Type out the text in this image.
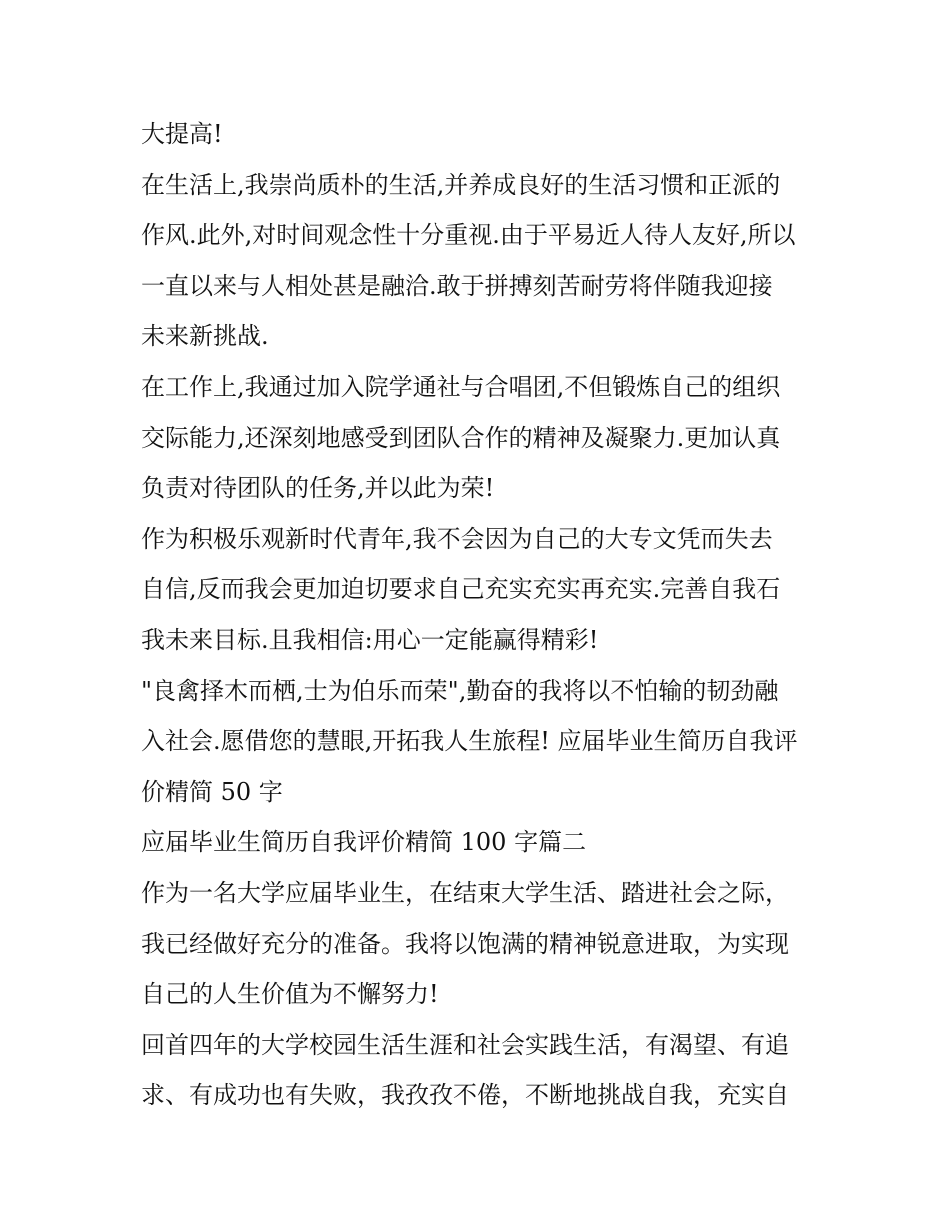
大提高!
在生活上,我崇尚质朴的生活,并养成良好的生活习惯和正派的
作风.此外,对时间观念性十分重视.由于平易近人待人友好,所以
一直以来与人相处甚是融洽.敢于拼搏刻苦耐劳将伴随我迎接
未来新挑战.
在工作上,我通过加入院学通社与合唱团,不但锻炼自己的组织
交际能力,还深刻地感受到团队合作的精神及凝聚力.更加认真
负责对待团队的任务,并以此为荣!
作为积极乐观新时代青年,我不会因为自己的大专文凭而失去
自信,反而我会更加迫切要求自己充实充实再充实.完善自我石
我未来目标.且我相信:用心一定能赢得精彩!
"良禽择木而栖,士为伯乐而荣",勤奋的我将以不怕输的韧劲融
入社会.愿借您的慧眼,开拓我人生旅程! 应届毕业生简历自我评
价精简 50 字
应届毕业生简历自我评价精简 100 字篇二
作为一名大学应届毕业生，在结束大学生活、踏进社会之际，
我已经做好充分的准备。我将以饱满的精神锐意进取，为实现
自己的人生价值为不懈努力!
回首四年的大学校园生活生涯和社会实践生活，有渴望、有追
求、有成功也有失败，我孜孜不倦，不断地挑战自我，充实自
